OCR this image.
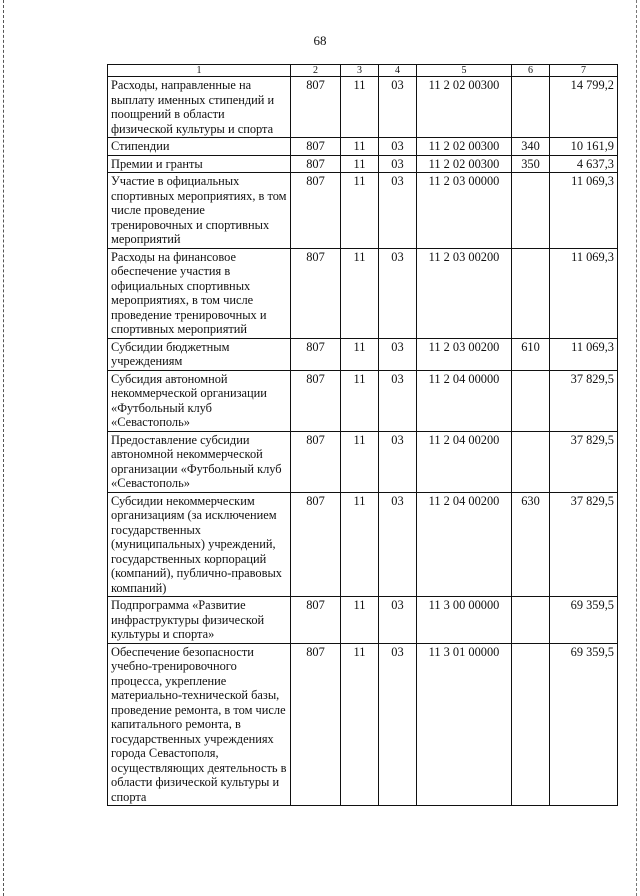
68
1	2	3	4	5	6	7
Расходы, направленные на выплату именных стипендий и поощрений в области физической культуры и спорта	807	11	03	11 2 02 00300		14 799,2
Стипендии	807	11	03	11 2 02 00300	340	10 161,9
Премии и гранты	807	11	03	11 2 02 00300	350	4 637,3
Участие в официальных спортивных мероприятиях, в том числе проведение тренировочных и спортивных мероприятий	807	11	03	11 2 03 00000		11 069,3
Расходы на финансовое обеспечение участия в официальных спортивных мероприятиях, в том числе проведение тренировочных и спортивных мероприятий	807	11	03	11 2 03 00200		11 069,3
Субсидии бюджетным учреждениям	807	11	03	11 2 03 00200	610	11 069,3
Субсидия автономной некоммерческой организации «Футбольный клуб «Севастополь»	807	11	03	11 2 04 00000		37 829,5
Предоставление субсидии автономной некоммерческой организации «Футбольный клуб «Севастополь»	807	11	03	11 2 04 00200		37 829,5
Субсидии некоммерческим организациям (за исключением государственных (муниципальных) учреждений, государственных корпораций (компаний), публично-правовых компаний)	807	11	03	11 2 04 00200	630	37 829,5
Подпрограмма «Развитие инфраструктуры физической культуры и спорта»	807	11	03	11 3 00 00000		69 359,5
Обеспечение безопасности учебно-тренировочного процесса, укрепление материально-технической базы, проведение ремонта, в том числе капитального ремонта, в государственных учреждениях города Севастополя, осуществляющих деятельность в области физической культуры и спорта	807	11	03	11 3 01 00000		69 359,5
